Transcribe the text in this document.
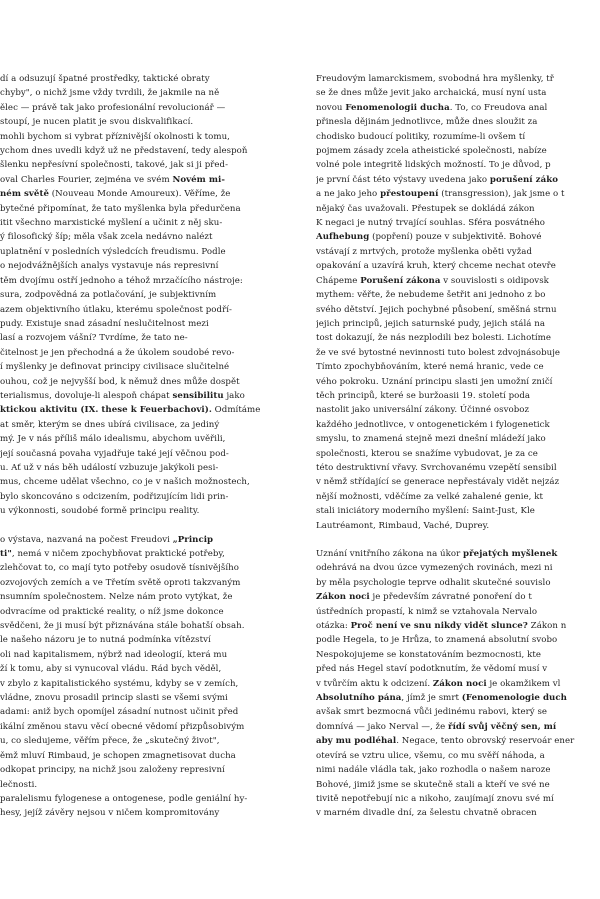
dí a odsuzují špatné prostředky, taktické obraty
chyby", o nichž jsme vždy tvrdili, že jakmile na ně
ělec — právě tak jako profesionální revolucionář —
stoupí, je nucen platit je svou diskvalifikací.
mohli bychom si vybrat příznivější okolnosti k tomu,
ychom dnes uvedli když už ne představení, tedy alespoň
šlenku nepřesívní společnosti, takové, jak si ji před-
oval Charles Fourier, zejména ve svém Novém mi-
ném světě (Nouveau Monde Amoureux). Věříme, že
bytečné připomínat, že tato myšlenka byla předurčena
itit všechno marxistické myšlení a učinit z něj sku-
ý filosofický šíp; měla však zcela nedávno nalézt
uplatnění v posledních výsledcích freudismu. Podle
o nejodvážnějších analys vystavuje nás represivní
těm dvojímu ostří jednoho a téhož mrzačícího nástroje:
sura, zodpovědná za potlačování, je subjektivním
azem objektivního útlaku, kterému společnost podří-
pudy. Existuje snad zásadní neslučitelnost mezi
lasí a rozvojem vášní? Tvrdíme, že tato ne-
čitelnost je jen přechodná a že úkolem soudobé revo-
í myšlenky je definovat principy civilisace slučitelné
ouhou, což je nejvyšší bod, k němuž dnes může dospět
terialismus, dovoluje-li alespoň chápat sensibilitu jako
ktickou aktivitu (IX. these k Feuerbachovi). Odmítáme
at směr, kterým se dnes ubírá civilisace, za jediný
mý. Je v nás příliš málo idealismu, abychom uvěřili,
její současná povaha vyjadřuje také její věčnou pod-
u. Ať už v nás běh událostí vzbuzuje jakýkoli pesi-
mus, chceme udělat všechno, co je v našich možnostech,
bylo skoncováno s odcizením, podřizujícím lidi prin-
u výkonnosti, soudobé formě principu reality.
o výstava, nazvaná na počest Freudovi „Princip
ti", nemá v ničem zpochybňovat praktické potřeby,
zlehčovat to, co mají tyto potřeby osudově tísnivějšího
ozvojových zemích a ve Třetím světě oproti takzvaným
nsumním společnostem. Nelze nám proto vytýkat, že
odvracíme od praktické reality, o níž jsme dokonce
svědčeni, že ji musí být přiznávána stále bohatší obsah.
le našeho názoru je to nutná podmínka vítězství
oli nad kapitalismem, nýbrž nad ideologií, která mu
ží k tomu, aby si vynucoval vládu. Rád bych věděl,
v zbylo z kapitalistického systému, kdyby se v zemích,
vládne, znovu prosadil princip slasti se všemi svými
adami: aniž bych opomíjel zásadní nutnost učinit před
ikální změnou stavu věcí obecné vědomí přizpůsobivým
u, co sledujeme, věřím přece, že „skutečný život",
ěmž mluví Rimbaud, je schopen zmagnetisovat ducha
odkopat principy, na nichž jsou založeny represivní
lečnosti.
paralelismu fylogenese a ontogenese, podle geniální hy-
hesy, jejíž závěry nejsou v ničem kompromitovány
Freudovým lamarckismem, svobodná hra myšlenky, tř
se že dnes může jevit jako archaická, musí nyní usta
novou Fenomenologii ducha. To, co Freudova anal
přinesla dějinám jednotlivce, může dnes sloužit za
chodisko budoucí politiky, rozumíme-li ovšem tí
pojmem zásady zcela atheistické společnosti, nabíze
volné pole integritě lidských možností. To je důvod, p
je první část této výstavy uvedena jako porušení záko
a ne jako jeho přestoupení (transgression), jak jsme o t
nějaký čas uvažovali. Přestupek se dokládá zákon
K negaci je nutný trvající souhlas. Sféra posvátného
Aufhebung (popření) pouze v subjektivitě. Bohové
vstávají z mrtvých, protože myšlenka oběti vyžad
opakování a uzavírá kruh, který chceme nechat otevře
Chápeme Porušení zákona v souvislosti s oidipovsk
mythem: věřte, že nebudeme šetřit ani jednoho z bo
svého dětství. Jejich pochybné působení, směšná strnu
jejich principů, jejich saturnské pudy, jejich stálá na
tost dokazují, že nás nezplodili bez bolesti. Lichotíme
že ve své bytostné nevinnosti tuto bolest zdvojnásobuje
Tímto zpochybňováním, které nemá hranic, vede ce
vého pokroku. Uznání principu slasti jen umožní zničí
těch principů, které se buržoasii 19. století poda
nastolit jako universální zákony. Účinné osvoboz
každého jednotlivce, v ontogenetickém i fylogenetick
smyslu, to znamená stejně mezi dnešní mládeží jako
společnosti, kterou se snažíme vybudovat, je za ce
této destruktivní vřavy. Svrchovanému vzepětí sensibil
v němž střídající se generace nepřestávaly vidět nejzáz
nější možnosti, vděčíme za velké zahalené genie, kt
stali iniciátory moderního myšlení: Saint-Just, Kle
Lautréamont, Rimbaud, Vaché, Duprey.
Uznání vnitřního zákona na úkor přejatých myšlenek
odehrává na dvou úzce vymezených rovinách, mezi ni
by měla psychologie teprve odhalit skutečné souvislo
Zákon noci je především závratné ponoření do t
ústředních propastí, k nimž se vztahovala Nervalo
otázka: Proč není ve snu nikdy vidět slunce? Zákon n
podle Hegela, to je Hrůza, to znamená absolutní svobo
Nespokojujeme se konstatováním bezmocnosti, kte
před nás Hegel staví podotknutím, že vědomí musí v
v tvůrčím aktu k odcizení. Zákon noci je okamžikem vl
Absolutního pána, jímž je smrt (Fenomenologie duch
avšak smrt bezmocná vůči jedinému rabovi, který se
domnívá — jako Nerval —, že řídí svůj věčný sen, mí
aby mu podléhal. Negace, tento obrovský reservoár ener
otevírá se vztru ulice, všemu, co mu svěří náhoda, a
nimi nadále vládla tak, jako rozhodla o našem naroze
Bohové, jimiž jsme se skutečně stali a kteří ve své ne
tivitě nepotřebují nic a nikoho, zaujímají znovu své mí
v marném divadle dní, za šelestu chvatně obracen
